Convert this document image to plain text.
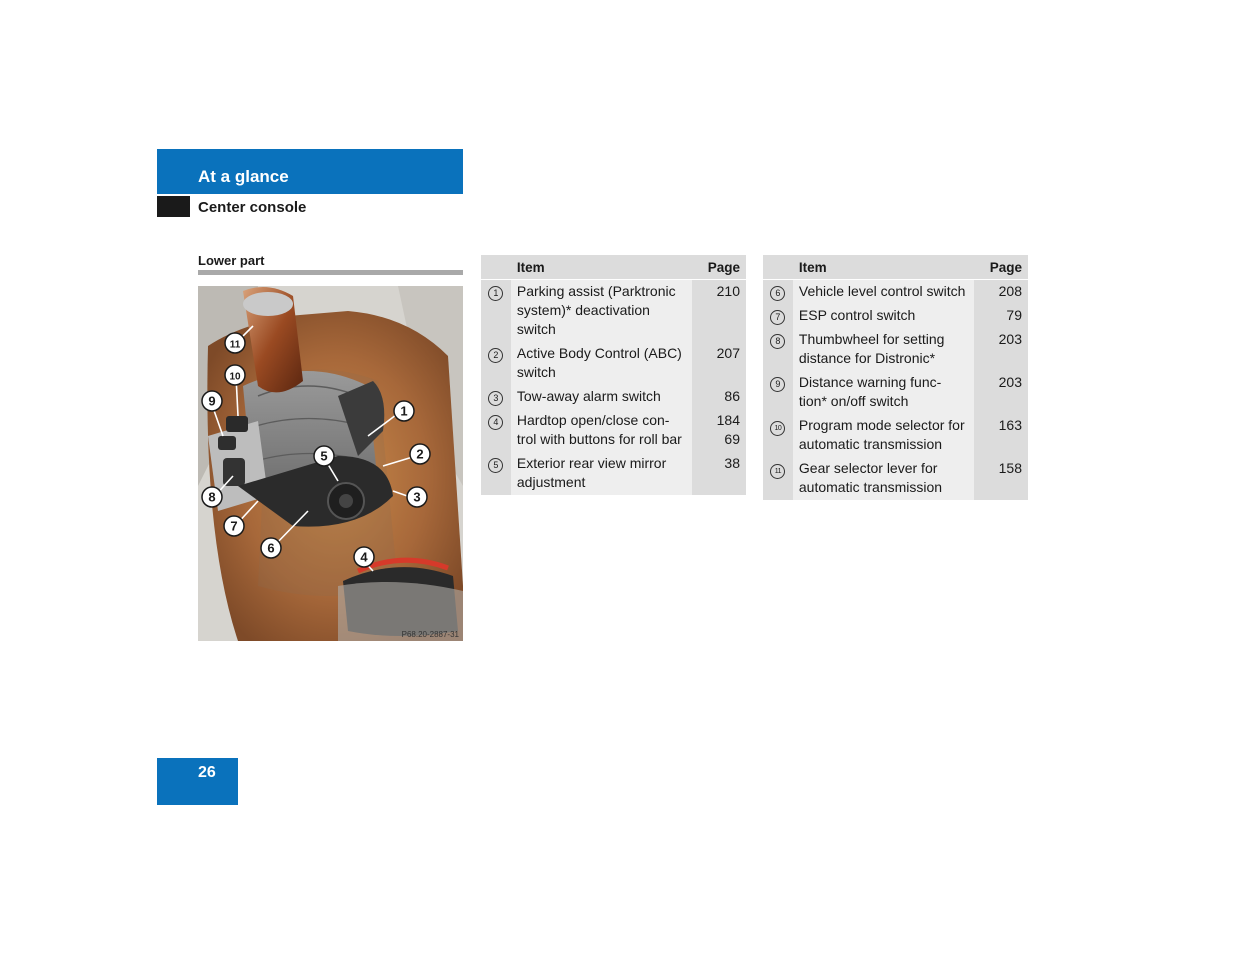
At a glance
Center console
Lower part
1
2
3
4
5
6
7
8
9
10
11
P68.20-2887-31
	Item	Page
1	Parking assist (Parktronic system)* deactivation switch	210
2	Active Body Control (ABC) switch	207
3	Tow-away alarm switch	86
4	Hardtop open/close con-trol with buttons for roll bar	184
69
5	Exterior rear view mirror adjustment	38
	Item	Page
6	Vehicle level control switch	208
7	ESP control switch	79
8	Thumbwheel for setting distance for Distronic*	203
9	Distance warning func-tion* on/off switch	203
10	Program mode selector for automatic transmission	163
11	Gear selector lever for automatic transmission	158
26
